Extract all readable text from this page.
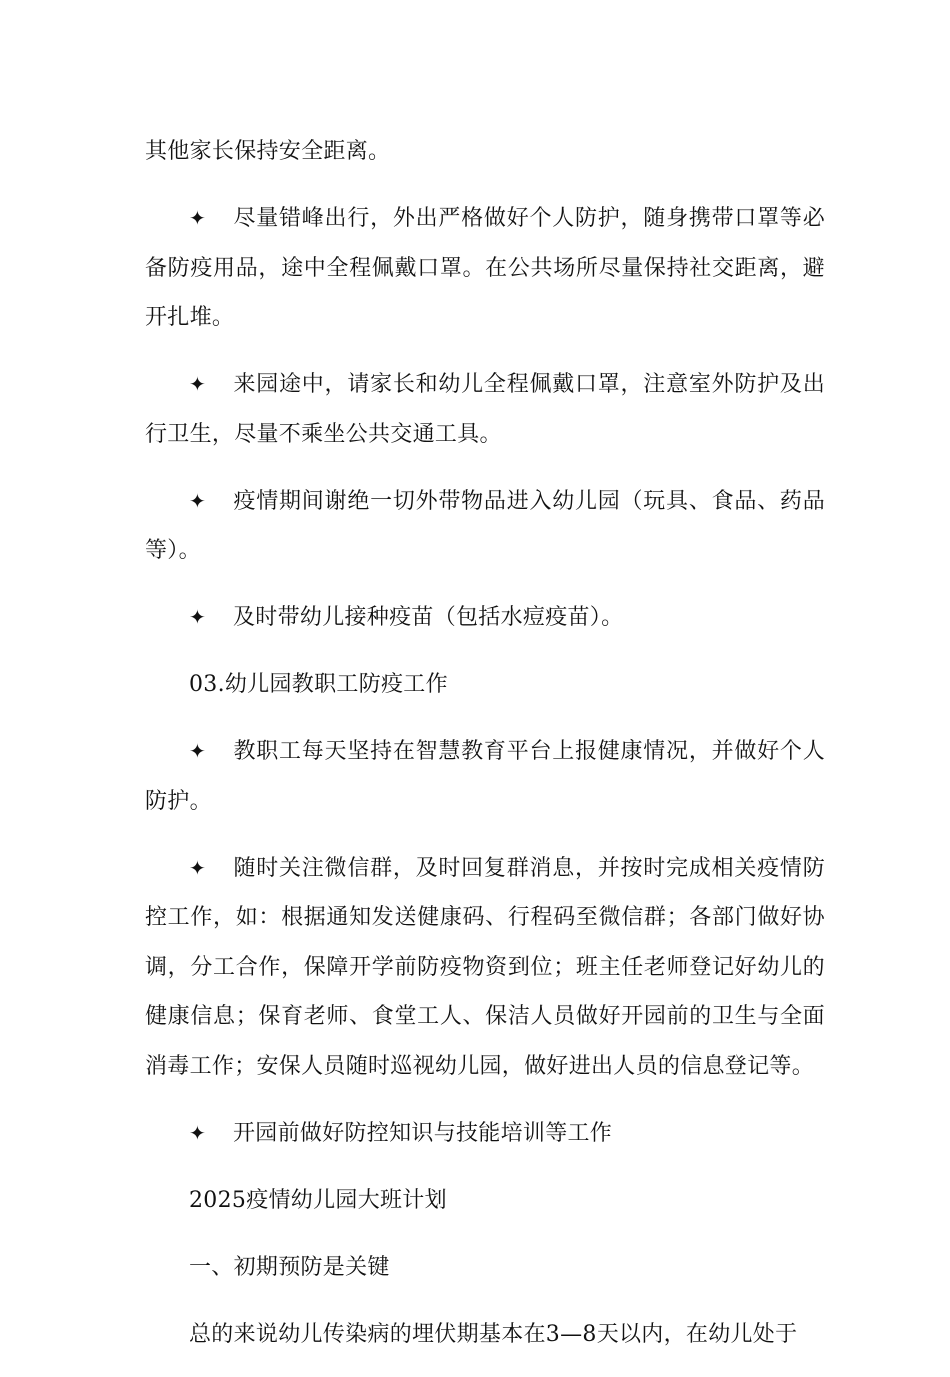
其他家长保持安全距离。

✦ 尽量错峰出行，外出严格做好个人防护，随身携带口罩等必备防疫用品，途中全程佩戴口罩。在公共场所尽量保持社交距离，避开扎堆。

✦ 来园途中，请家长和幼儿全程佩戴口罩，注意室外防护及出行卫生，尽量不乘坐公共交通工具。

✦ 疫情期间谢绝一切外带物品进入幼儿园（玩具、食品、药品等）。

✦ 及时带幼儿接种疫苗（包括水痘疫苗）。

03.幼儿园教职工防疫工作

✦ 教职工每天坚持在智慧教育平台上报健康情况，并做好个人防护。

✦ 随时关注微信群，及时回复群消息，并按时完成相关疫情防控工作，如：根据通知发送健康码、行程码至微信群；各部门做好协调，分工合作，保障开学前防疫物资到位；班主任老师登记好幼儿的健康信息；保育老师、食堂工人、保洁人员做好开园前的卫生与全面消毒工作；安保人员随时巡视幼儿园，做好进出人员的信息登记等。

✦ 开园前做好防控知识与技能培训等工作

2025疫情幼儿园大班计划

一、初期预防是关键

总的来说幼儿传染病的埋伏期基本在3—8天以内，在幼儿处于
